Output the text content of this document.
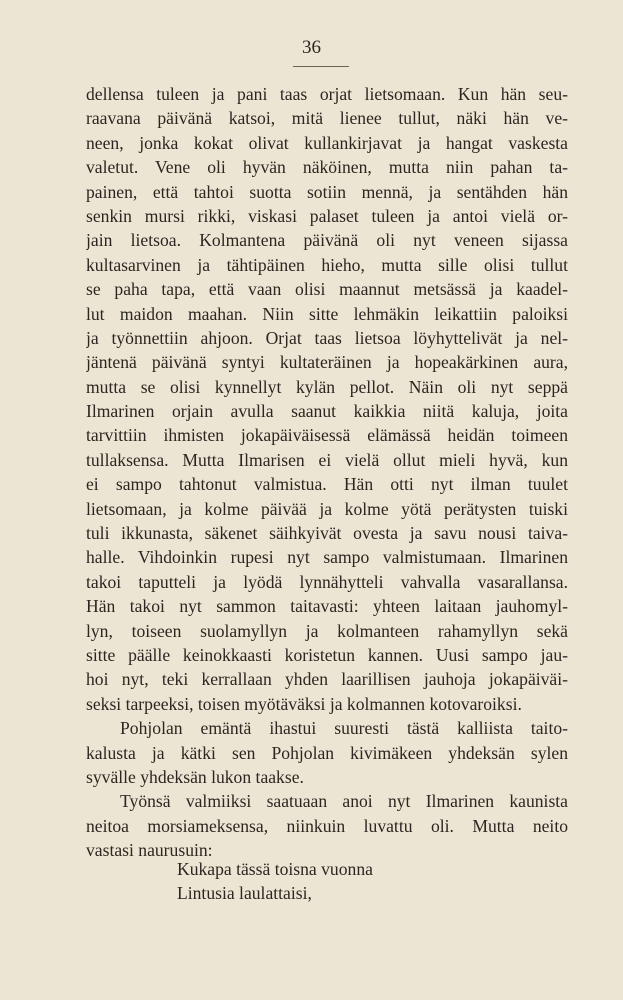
36
dellensa tuleen ja pani taas orjat lietsomaan. Kun hän seu-
raavana päivänä katsoi, mitä lienee tullut, näki hän ve-
neen, jonka kokat olivat kullankirjavat ja hangat vaskesta
valetut. Vene oli hyvän näköinen, mutta niin pahan ta-
painen, että tahtoi suotta sotiin mennä, ja sentähden hän
senkin mursi rikki, viskasi palaset tuleen ja antoi vielä or-
jain lietsoa. Kolmantena päivänä oli nyt veneen sijassa
kultasarvinen ja tähtipäinen hieho, mutta sille olisi tullut
se paha tapa, että vaan olisi maannut metsässä ja kaadel-
lut maidon maahan. Niin sitte lehmäkin leikattiin paloiksi
ja työnnettiin ahjoon. Orjat taas lietsoa löyhyttelivät ja nel-
jäntenä päivänä syntyi kultateräinen ja hopeakärkinen aura,
mutta se olisi kynnellyt kylän pellot. Näin oli nyt seppä
Ilmarinen orjain avulla saanut kaikkia niitä kaluja, joita
tarvittiin ihmisten jokapäiväisessä elämässä heidän toimeen
tullaksensa. Mutta Ilmarisen ei vielä ollut mieli hyvä, kun
ei sampo tahtonut valmistua. Hän otti nyt ilman tuulet
lietsomaan, ja kolme päivää ja kolme yötä perätysten tuiski
tuli ikkunasta, säkenet säihkyivät ovesta ja savu nousi taiva-
halle. Vihdoinkin rupesi nyt sampo valmistumaan. Ilmarinen
takoi taputteli ja lyödä lynnähytteli vahvalla vasarallansa.
Hän takoi nyt sammon taitavasti: yhteen laitaan jauhomyl-
lyn, toiseen suolamyllyn ja kolmanteen rahamyllyn sekä
sitte päälle keinokkaasti koristetun kannen. Uusi sampo jau-
hoi nyt, teki kerrallaan yhden laarillisen jauhoja jokapäiväi-
seksi tarpeeksi, toisen myötäväksi ja kolmannen kotovaroiksi.
Pohjolan emäntä ihastui suuresti tästä kalliista taito-
kalusta ja kätki sen Pohjolan kivimäkeen yhdeksän sylen
syvälle yhdeksän lukon taakse.
Työnsä valmiiksi saatuaan anoi nyt Ilmarinen kaunista
neitoa morsiameksensa, niinkuin luvattu oli. Mutta neito
vastasi naurusuin:
Kukapa tässä toisna vuonna
Lintusia laulattaisi,
